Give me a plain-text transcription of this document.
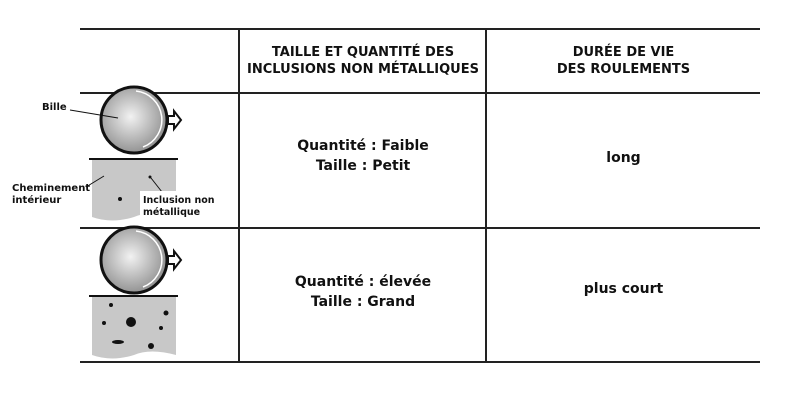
Bille
Cheminement
intérieur	Inclusion non
métallique
TAILLE ET QUANTITÉ DES
INCLUSIONS NON MÉTALLIQUES
DURÉE DE VIE
DES ROULEMENTS
Quantité : Faible
Taille : Petit	long
Quantité : élevée
Taille : Grand
plus court
